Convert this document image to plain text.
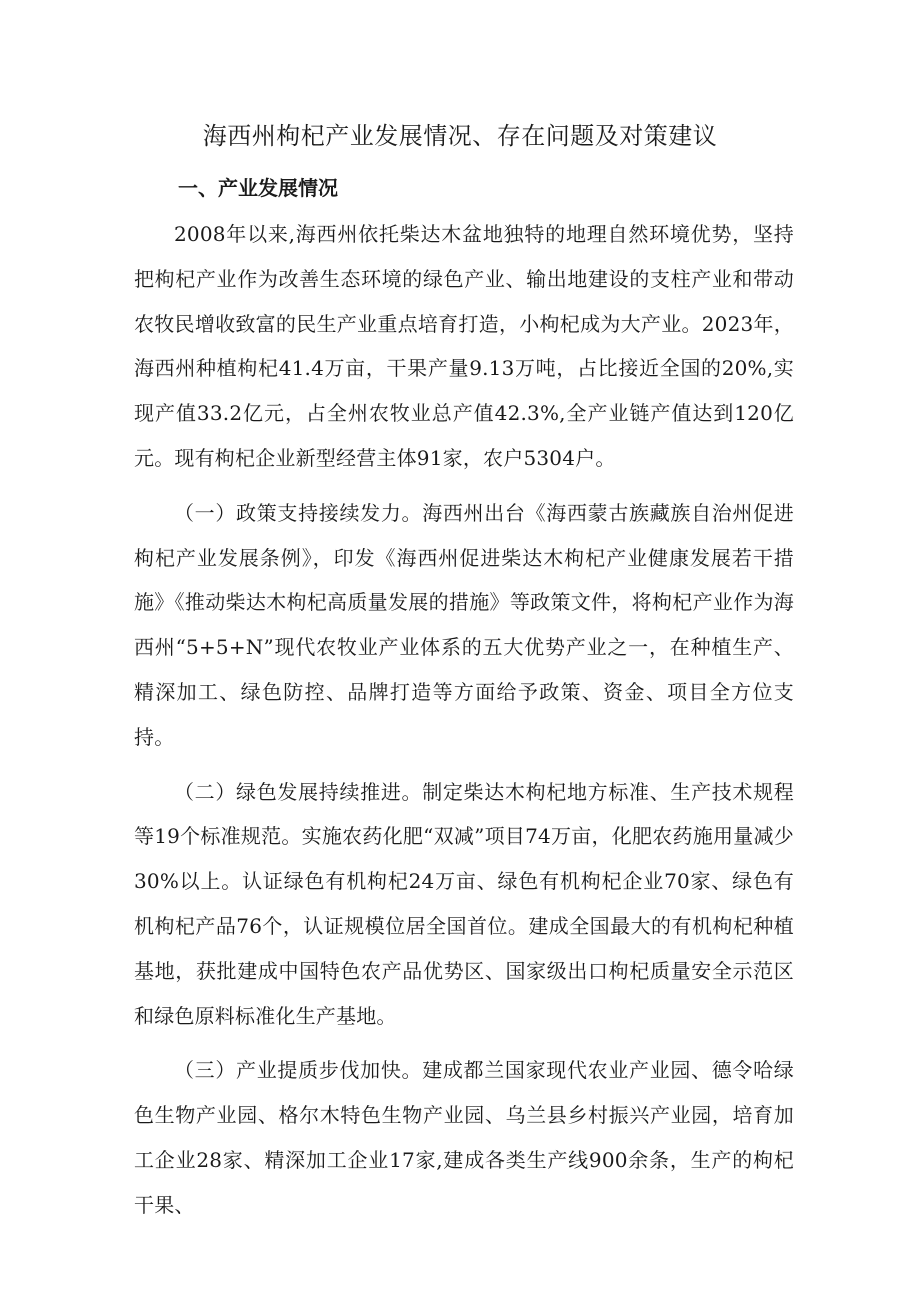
海西州枸杞产业发展情况、存在问题及对策建议
一、产业发展情况

2008年以来,海西州依托柴达木盆地独特的地理自然环境优势，坚持把枸杞产业作为改善生态环境的绿色产业、输出地建设的支柱产业和带动农牧民增收致富的民生产业重点培育打造，小枸杞成为大产业。2023年，海西州种植枸杞41.4万亩，干果产量9.13万吨，占比接近全国的20%,实现产值33.2亿元，占全州农牧业总产值42.3%,全产业链产值达到120亿元。现有枸杞企业新型经营主体91家，农户5304户。

（一）政策支持接续发力。海西州出台《海西蒙古族藏族自治州促进枸杞产业发展条例》，印发《海西州促进柴达木枸杞产业健康发展若干措施》《推动柴达木枸杞高质量发展的措施》等政策文件，将枸杞产业作为海西州“5+5+N”现代农牧业产业体系的五大优势产业之一，在种植生产、精深加工、绿色防控、品牌打造等方面给予政策、资金、项目全方位支持。

（二）绿色发展持续推进。制定柴达木枸杞地方标准、生产技术规程等19个标准规范。实施农药化肥“双减”项目74万亩，化肥农药施用量减少30%以上。认证绿色有机枸杞24万亩、绿色有机枸杞企业70家、绿色有机枸杞产品76个，认证规模位居全国首位。建成全国最大的有机枸杞种植基地，获批建成中国特色农产品优势区、国家级出口枸杞质量安全示范区和绿色原料标准化生产基地。

（三）产业提质步伐加快。建成都兰国家现代农业产业园、德令哈绿色生物产业园、格尔木特色生物产业园、乌兰县乡村振兴产业园，培育加工企业28家、精深加工企业17家,建成各类生产线900余条，生产的枸杞干果、
